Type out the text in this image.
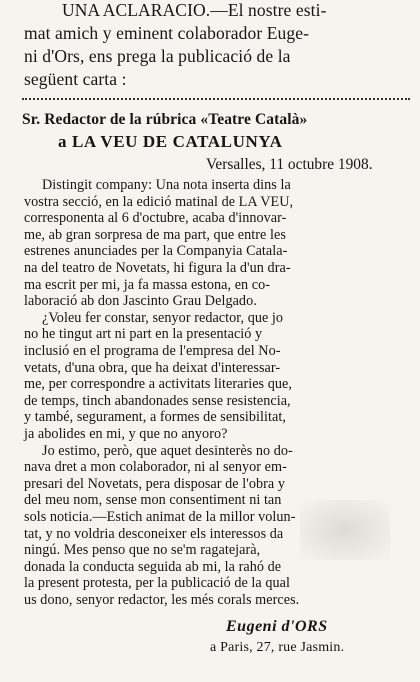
UNA ACLARACIO.—El nostre esti-
mat amich y eminent colaborador Euge-
ni d'Ors, ens prega la publicació de la
següent carta :
Sr. Redactor de la rúbrica «Teatre Català»
a LA VEU DE CATALUNYA
Versalles, 11 octubre 1908.
Distingit company: Una nota inserta dins la
vostra secció, en la edició matinal de LA VEU,
corresponenta al 6 d'octubre, acaba d'innovar-
me, ab gran sorpresa de ma part, que entre les
estrenes anunciades per la Companyia Catala-
na del teatro de Novetats, hi figura la d'un dra-
ma escrit per mi, ja fa massa estona, en co-
laboració ab don Jascinto Grau Delgado.
¿Voleu fer constar, senyor redactor, que jo
no he tingut art ni part en la presentació y
inclusió en el programa de l'empresa del No-
vetats, d'una obra, que ha deixat d'interessar-
me, per correspondre a activitats literaries que,
de temps, tinch abandonades sense resistencia,
y també, segurament, a formes de sensibilitat,
ja abolides en mi, y que no anyoro?
Jo estimo, però, que aquet desinterès no do-
nava dret a mon colaborador, ni al senyor em-
presari del Novetats, pera disposar de l'obra y
del meu nom, sense mon consentiment ni tan
sols noticia.—Estich animat de la millor volun-
tat, y no voldria desconeixer els interessos da
ningú. Mes penso que no se'm ragatejarà,
donada la conducta seguida ab mi, la rahó de
la present protesta, per la publicació de la qual
us dono, senyor redactor, les més corals merces.
Eugeni d'ORS
a Paris, 27, rue Jasmin.
